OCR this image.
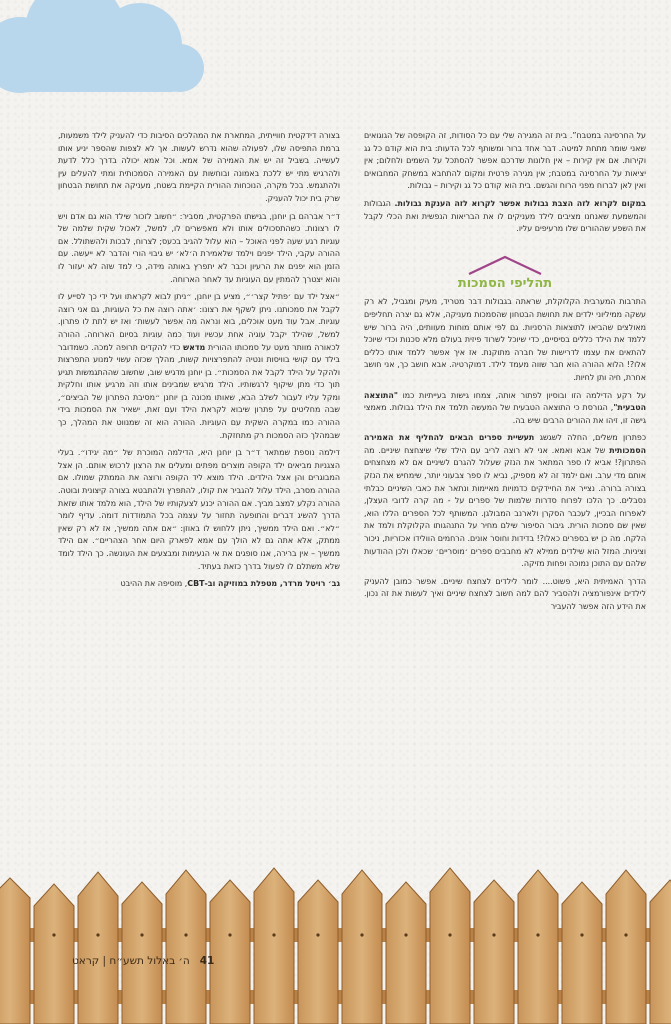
על החרסינה במטבח”. בית זה המגירה שלי עם כל הסודות, זה הקופסה של הגוגואים שאני שומר מתחת למיטה. דבר אחד ברור ומשותף לכל הדעות: בית הוא קודם כל גג וקירות. אם אין קירות – אין חלונות שדרכם אפשר להסתכל על השמים ולחלום; אין יציאות על החרסינה במטבח; אין מגירה פרטית ומקום להתחבא במשחק המחבואים ואין לאן לברוח מפני הרוח והגשם. בית הוא קודם כל גג וקירות – גבולות.

במקום לקרוא לזה הצבת גבולות אפשר לקרוא לזה הענקת גבולות. הגבולות והמשמעת שאנחנו מציבים לילד מעניקים לו את הבריאות הנפשית ואת הכלי לקבל את השפע שההורים שלו מרעיפים עליו.

תהליפי הסמכות

התרבות המערבית הקלוקלת, שראתה בגבולות דבר מטריד, מעיק ומגביל, לא רק עשקה ממיליוני ילדים את תחושת הבטחון שהסמכות מעניקה, אלא גם יצרה תחליפים מאולצים שהביאו לתוצאות הרסניות. גם לפי אותם מוחות מעוותים, היה ברור שיש ללמד את הילד כללים בסיסיים, כדי שיוכל לשרוד פיזית בעולם מלא סכנות וכדי שיוכל להתאים את עצמו לדרישות של חברה מתוקנת. אז איך אפשר ללמד אותו כללים אלו?! הלוא ההורה הוא חבר שווה מעמד לילד. דמוקרטיה. אבא חושב כך, אני חושב אחרת, חיה ותן לחיות.

על רקע הדילמה הזו ובוסיון לפתור אותה, צמחו גישות בעייתיות כמו "התוצאה הטבעית", הגורסת כי התוצאה הטבעית של המעשה תלמד את הילד גבולות. מאמצי גישה זו, זיהו את ההורים הרבים שיש בה.

כפתרון משלים, החלה לשגשג תעשיית ספרים הבאים להחליף את האמירה הסמכותית של אבא ואמא. אני לא רוצה לריב עם הילד שלי שיצחצח שיניים. מה הפתרון?! אביא לו ספר המתאר את הנזק שעלול להגרם לשיניים אם לא מצחצחים אותם מדי ערב. ואם ילמד זה לא מספיק, נביא לו ספר צבעוני יותר, שימחיש את הנזק בצורה ברורה. נצייר את החיידקים כדמויות מאיימות ונתאר את כאבי השיניים כבלתי נסבלים. כך הלכו לפרוח סדרות שלמות של ספרים על - מה קרה לדובי העצלן, לאפרוח הבכיין, לעכבר הסקרן ולארנב המבולגן. המשותף לכל הספרים הללו הוא, שאין שם סמכות הורית. גיבור הסיפור שילם מחיר על התנהגותו הקלוקלת ולמד את הלקח. מה כן יש בספרים כאלו?! בדידות וחוסר אונים. הרחמים הוולידו אכזריות, ניכור וציניות. המזל הוא שילדים ממילא לא מחבבים ספרים ׳מוסריים׳ שכאלו ולכן ההודעות שלהם עם התוכן נמוכה ופחות מזיקה.

הדרך האמיתית היא, פשוט.... לומר לילדים לצחצח שיניים. אפשר כמובן להעניק לילדים אינפורמציה ולהסביר להם למה חשוב לצחצח שיניים ואיך לעשות את זה נכון. את הידע הזה אפשר להעביר

בצורה דידקטית חווייתית, המתארת את המהלכים הסיבות כדי להעניק לילד משמעות, ברמת התפיסה שלו, לפעולה שהוא נדרש לעשות. אך לא לצפות שהספר יניע אותו לעשייה. בשביל זה יש את האמירה של אמא. וכל אמא יכולה בדרך כלל לדעת ולהרגיש מתי יש ללכת באמונה ובוחשות עם האמירה הסמכותית ומתי להעלים עין ולהתגמש. בכל מקרה, הנוכחות ההורית הקיימת בשטח, מעניקה את תחושת הבטחון שרק בית יכול להעניק.

ד״ר אברהם בן יוחנן, בגישתו הפרקטית, מסביר: ״חשוב לזכור שילד הוא גם אדם ויש לו רצונות. כשהתסכולים אותו ולא מאפשרים לו, למשל, לאכול שקית שלמה של עוגיות רגע שעה לפני האוכל – הוא עלול להגיב בכעס; לצרוח, לבכות ולהשתולל. אם ההורה עקבי, הילד יפנים וילמד שלאמירת ה׳לא׳ יש גיבוי הורי והדבר לא ייעשה. עם הזמן הוא יפנים את הרעיון וכבר לא יתפרץ באותה מידה, כי למד שזה לא יעזור לו והוא יצטרך להמתין עם העוגיות עד לאחר הארוחה.

״אצל ילד עם ׳פתיל קצר׳״, מציע בן יוחנן, ״ניתן לבוא לקראתו ועל ידי כך לסייע לו לקבל את סמכותנו. ניתן לשקף את רצונו: ׳אתה רוצה את כל העוגיות, גם אני רוצה עוגיות. אבל עוד מעט אוכלים, בוא ונראה מה אפשר לעשות׳ ואז יש לתת לו פתרון. למשל, שהילד יקבל עוגיה אחת עכשיו ועוד כמה עוגיות בסיום הארוחה. ההורה לכאורה מוותר מעט על סמכותו ההורית מדאש כדי להקדים תרופה למכה. כשמדובר בילד עם קושי בוויסות ונטיה להתפרצויות קשות, מהלך שכזה עשוי למנוע התפרצות ולהקל על הילד לקבל את הסמכות״. בן יוחנן מדגיש שוב, שחשוב שההתגמשות תגיע תוך כדי מתן שיקוף לרגשותיו. הילד מרגיש שמבינים אותו וזה מרגיע אותו וחלקית ומקל עליו לעבור לשלב הבא, שאותו מכונה בן יוחנן ״מסיבת הפתרון של הביצים״, שבה מחליטים על פתרון שיבוא לקראת הילד ועם זאת, ישאיר את הסמכות בידי ההורה כמו במקרה השקית עם העוגיות. ההורה הוא זה שמנווט את המהלך, כך שבמהלך כזה הסמכות רק מתחזקת.

דילמה נוספת שמתאר ד״ר בן יוחנן היא, הדילמה המוכרת של ״מה יגידו״. בעלי הצגניות מביאים ילד הקופה מוצרים מפתים ומעלים את הרצון לרכוש אותם. הן אצל המבוגרים והן אצל הילדים. הילד מוצא ליד הקופה ורוצה את הממתק שמולו. אם ההורה מסרב, הילד עלול להגביר את קולו, להתפרץ ולהתבטא בצורה קיצונית ובוטה. ההורה נקלע למצב מביך. אם ההורה יכנע לצעקותיו של הילד, הוא מלמד אותו שזאת הדרך להשיג דברים והתופעה תחזור על עצמה בכל התמודדות דומה. עדיף לומר ״לא״. ואם הילד ממשיך, ניתן ללחוש לו באוזן: ״אם אתה ממשיך, אז לא רק שאין ממתק, אלא אתה גם לא הולך עם אמא לפארק היום אחר הצהריים״. אם הילד ממשיך – אין ברירה, אנו סופגים את אי הנעימות ומבצעים את העונשה. כך הילד לומד שלא משתלם לו לפעול בדרך כזאת בעתיד.

גב׳ רויטל מרדר, מטפלת במוזיקה וב-CBT, מוסיפה את ההיבט

41
ה׳ באלול תשע״ח | קראט
